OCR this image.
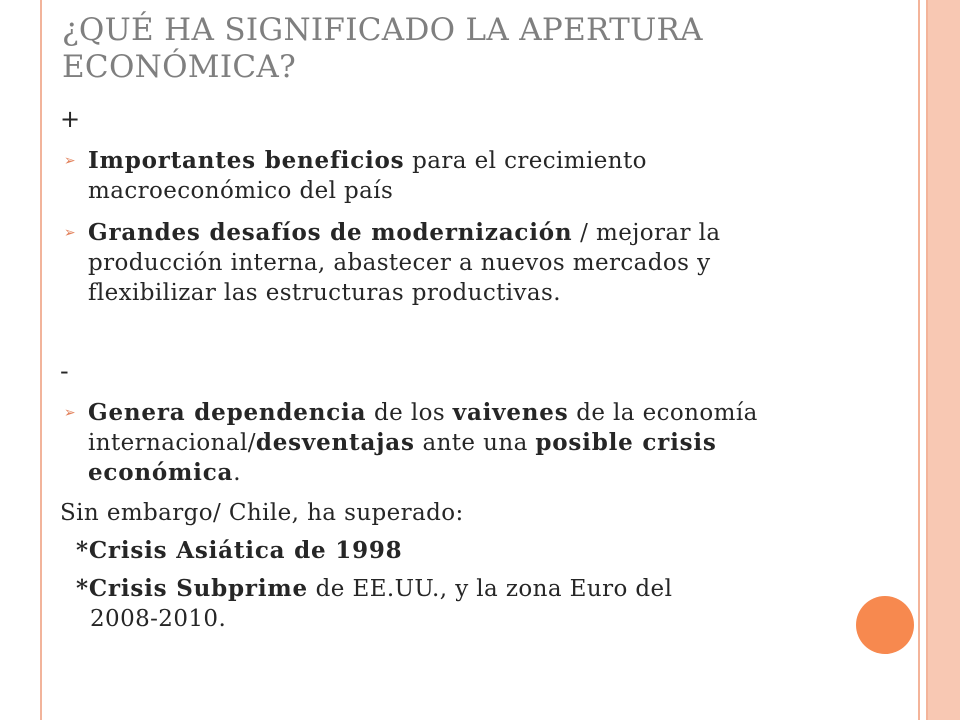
¿QUÉ HA SIGNIFICADO LA APERTURA ECONÓMICA?
+
➢ Importantes beneficios para el crecimiento macroeconómico del país
➢ Grandes desafíos de modernización / mejorar la producción interna, abastecer a nuevos mercados y flexibilizar las estructuras productivas.
-
➢ Genera dependencia de los vaivenes de la economía internacional/desventajas ante una posible crisis económica.
Sin embargo/ Chile, ha superado:
*Crisis Asiática de 1998
*Crisis Subprime de EE.UU., y la zona Euro del
2008-2010.
